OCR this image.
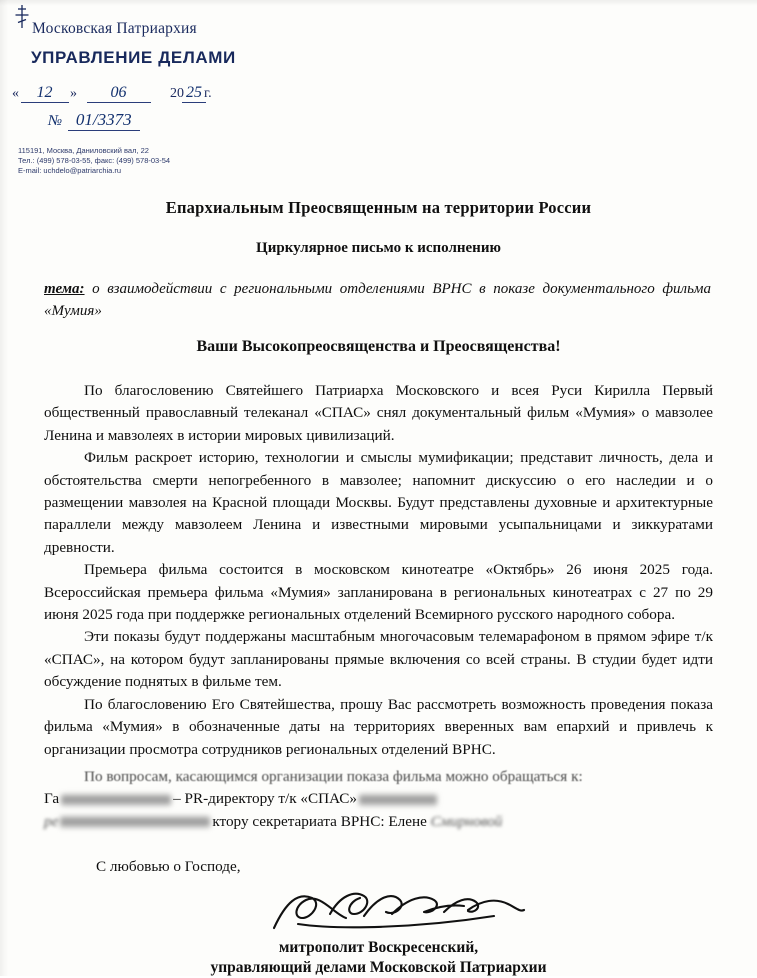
Московская Патриархия
УПРАВЛЕНИЕ ДЕЛАМИ
« 12 » 06	20 25 г.
№ 01/3373
115191, Москва, Даниловский вал, 22
Тел.: (499) 578-03-55, факс: (499) 578-03-54
E-mail: uchdelo@patriarchia.ru
Епархиальным Преосвященным на территории России
Циркулярное письмо к исполнению
тема: о взаимодействии с региональными отделениями ВРНС в показе документального фильма «Мумия»
Ваши Высокопреосвященства и Преосвященства!

По благословению Святейшего Патриарха Московского и всея Руси Кирилла Первый общественный православный телеканал «СПАС» снял документальный фильм «Мумия» о мавзолее Ленина и мавзолеях в истории мировых цивилизаций.

Фильм раскроет историю, технологии и смыслы мумификации; представит личность, дела и обстоятельства смерти непогребенного в мавзолее; напомнит дискуссию о его наследии и о размещении мавзолея на Красной площади Москвы. Будут представлены духовные и архитектурные параллели между мавзолеем Ленина и известными мировыми усыпальницами и зиккуратами древности.

Премьера фильма состоится в московском кинотеатре «Октябрь» 26 июня 2025 года. Всероссийская премьера фильма «Мумия» запланирована в региональных кинотеатрах с 27 по 29 июня 2025 года при поддержке региональных отделений Всемирного русского народного собора.

Эти показы будут поддержаны масштабным многочасовым телемарафоном в прямом эфире т/к «СПАС», на котором будут запланированы прямые включения со всей страны. В студии будет идти обсуждение поднятых в фильме тем.

По благословению Его Святейшества, прошу Вас рассмотреть возможность проведения показа фильма «Мумия» в обозначенные даты на территориях вверенных вам епархий и привлечь к организации просмотра сотрудников региональных отделений ВРНС.

По вопросам, касающимся организации показа фильма можно обращаться к:

Га	– PR-директору т/к «СПАС»

ре	ктору секретариата ВРНС: Елене Смирновой

С любовью о Господе,
митрополит Воскресенский,
управляющий делами Московской Патриархии
